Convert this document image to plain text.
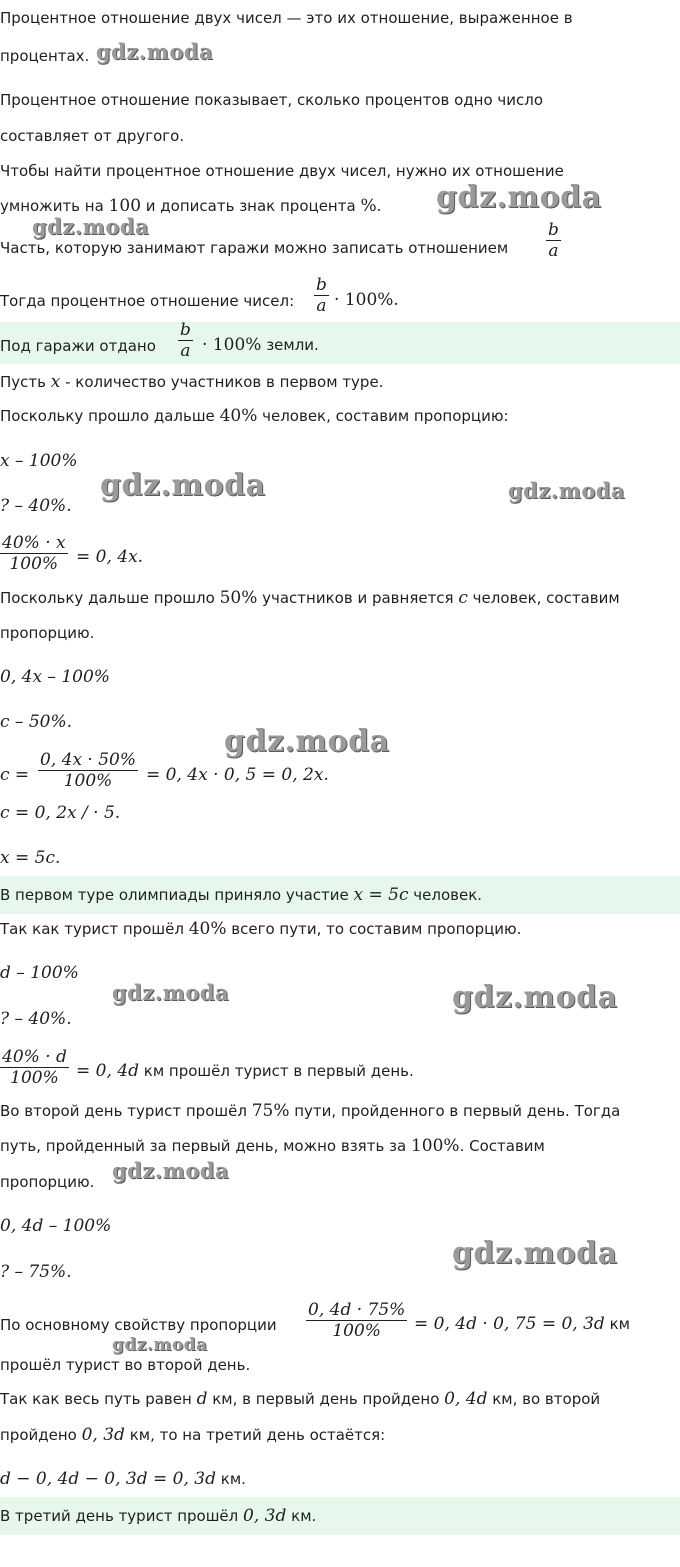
Процентное отношение двух чисел — это их отношение, выраженное в
процентах.
Процентное отношение показывает, сколько процентов одно число
составляет от другого.
Чтобы найти процентное отношение двух чисел, нужно их отношение
умножить на 100 и дописать знак процента %.
Часть, которую занимают гаражи можно записать отношением
b
a
Тогда процентное отношение чисел:
b
a · 100%.
Под гаражи отдано
b
a · 100% земли.
Пусть x - количество участников в первом туре.
Поскольку прошло дальше 40% человек, составим пропорцию:
x – 100%
? – 40%.
40% · x
100%	= 0, 4x.
Поскольку дальше прошло 50% участников и равняется c человек, составим
пропорцию.
0, 4x – 100%
c – 50%.
c =
0, 4x · 50%
100%	= 0, 4x · 0, 5 = 0, 2x.
c = 0, 2x / · 5.
x = 5c.
В первом туре олимпиады приняло участие x = 5c человек.
Так как турист прошёл 40% всего пути, то составим пропорцию.
d – 100%
? – 40%.
40% · d
100%	= 0, 4d км прошёл турист в первый день.
Во второй день турист прошёл 75% пути, пройденного в первый день. Тогда
путь, пройденный за первый день, можно взять за 100%. Составим
пропорцию.
0, 4d – 100%
? – 75%.
По основному свойству пропорции
0, 4d · 75%
100%	= 0, 4d · 0, 75 = 0, 3d км
прошёл турист во второй день.
Так как весь путь равен d км, в первый день пройдено 0, 4d км, во второй
пройдено 0, 3d км, то на третий день остаётся:
d − 0, 4d − 0, 3d = 0, 3d км.
В третий день турист прошёл 0, 3d км.
gdz.moda
gdz.moda
gdz.moda
gdz.moda	gdz.moda
gdz.moda
gdz.moda	gdz.moda
gdz.moda
gdz.moda
gdz.moda
